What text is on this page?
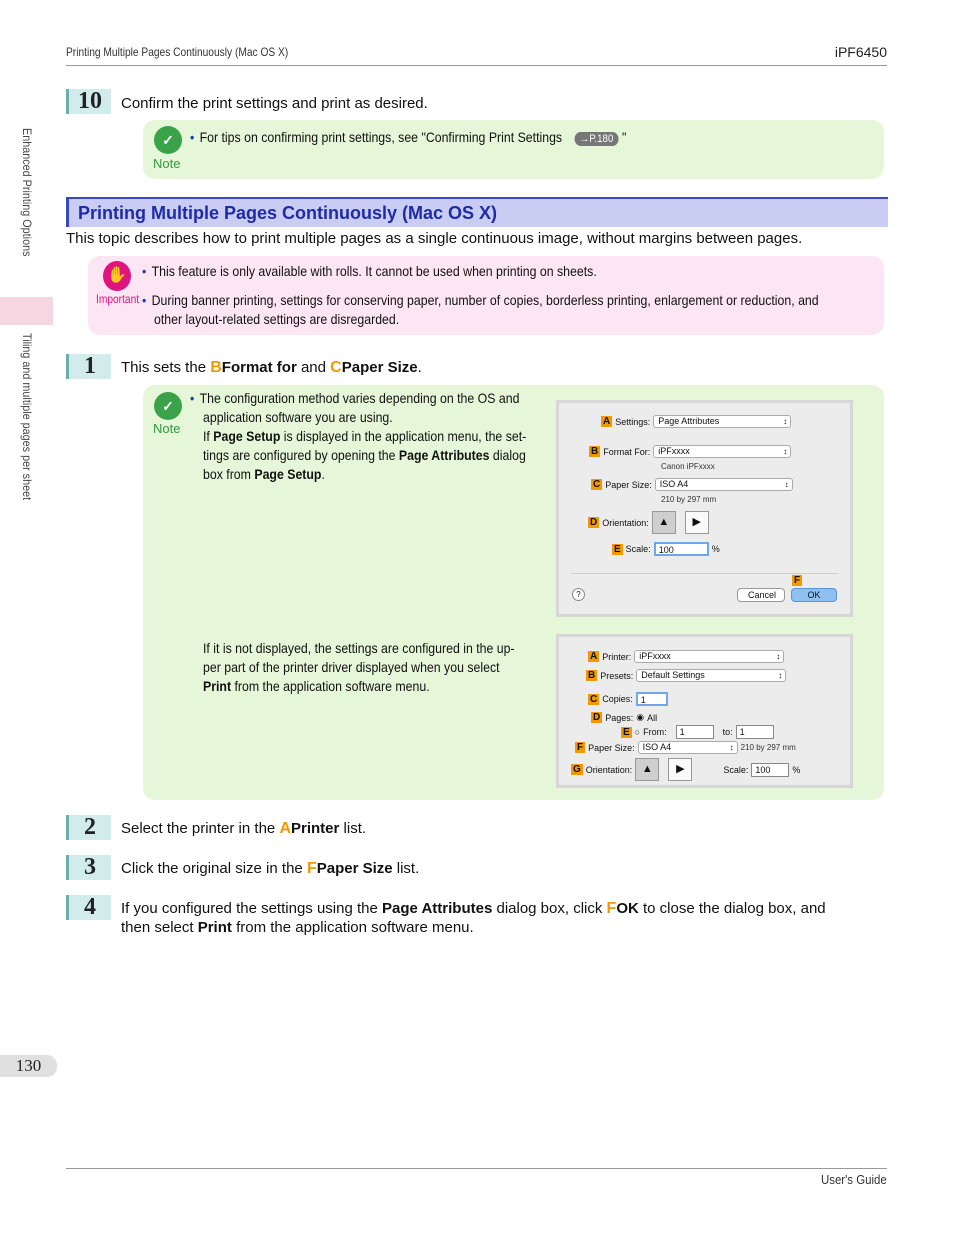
Printing Multiple Pages Continuously (Mac OS X)	iPF6450
Enhanced Printing Options
Tiling and multiple pages per sheet
10	Confirm the print settings and print as desired.
✓
Note
• For tips on confirming print settings, see "Confirming Print Settings →P.180 "
Printing Multiple Pages Continuously (Mac OS X)
This topic describes how to print multiple pages as a single continuous image, without margins between pages.
✋
Important
• This feature is only available with rolls. It cannot be used when printing on sheets.
• During banner printing, settings for conserving paper, number of copies, borderless printing, enlargement or reduction, and
other layout-related settings are disregarded.
1	This sets the BFormat for and CPaper Size.
✓
Note
• The configuration method varies depending on the OS and
application software you are using.
If Page Setup is displayed in the application menu, the set-
tings are configured by opening the Page Attributes dialog
box from Page Setup.
If it is not displayed, the settings are configured in the up-
per part of the printer driver displayed when you select
Print from the application software menu.
A Settings: Page Attributes ↕
B Format For: iPFxxxx ↕
Canon iPFxxxx
C Paper Size: ISO A4 ↕
210 by 297 mm
D Orientation: ▲	▶
E Scale: 100	%
F
?	Cancel	OK
A Printer: iPFxxxx ↕
B Presets: Default Settings ↕
C Copies: 1
D Pages: ◉ All
E ○ From:	1	to: 1
F Paper Size: ISO A4 ↕	210 by 297 mm
G Orientation: ▲	▶	Scale: 100	%
2	Select the printer in the APrinter list.
3	Click the original size in the FPaper Size list.
4	If you configured the settings using the Page Attributes dialog box, click FOK to close the dialog box, and
then select Print from the application software menu.
130
User's Guide
